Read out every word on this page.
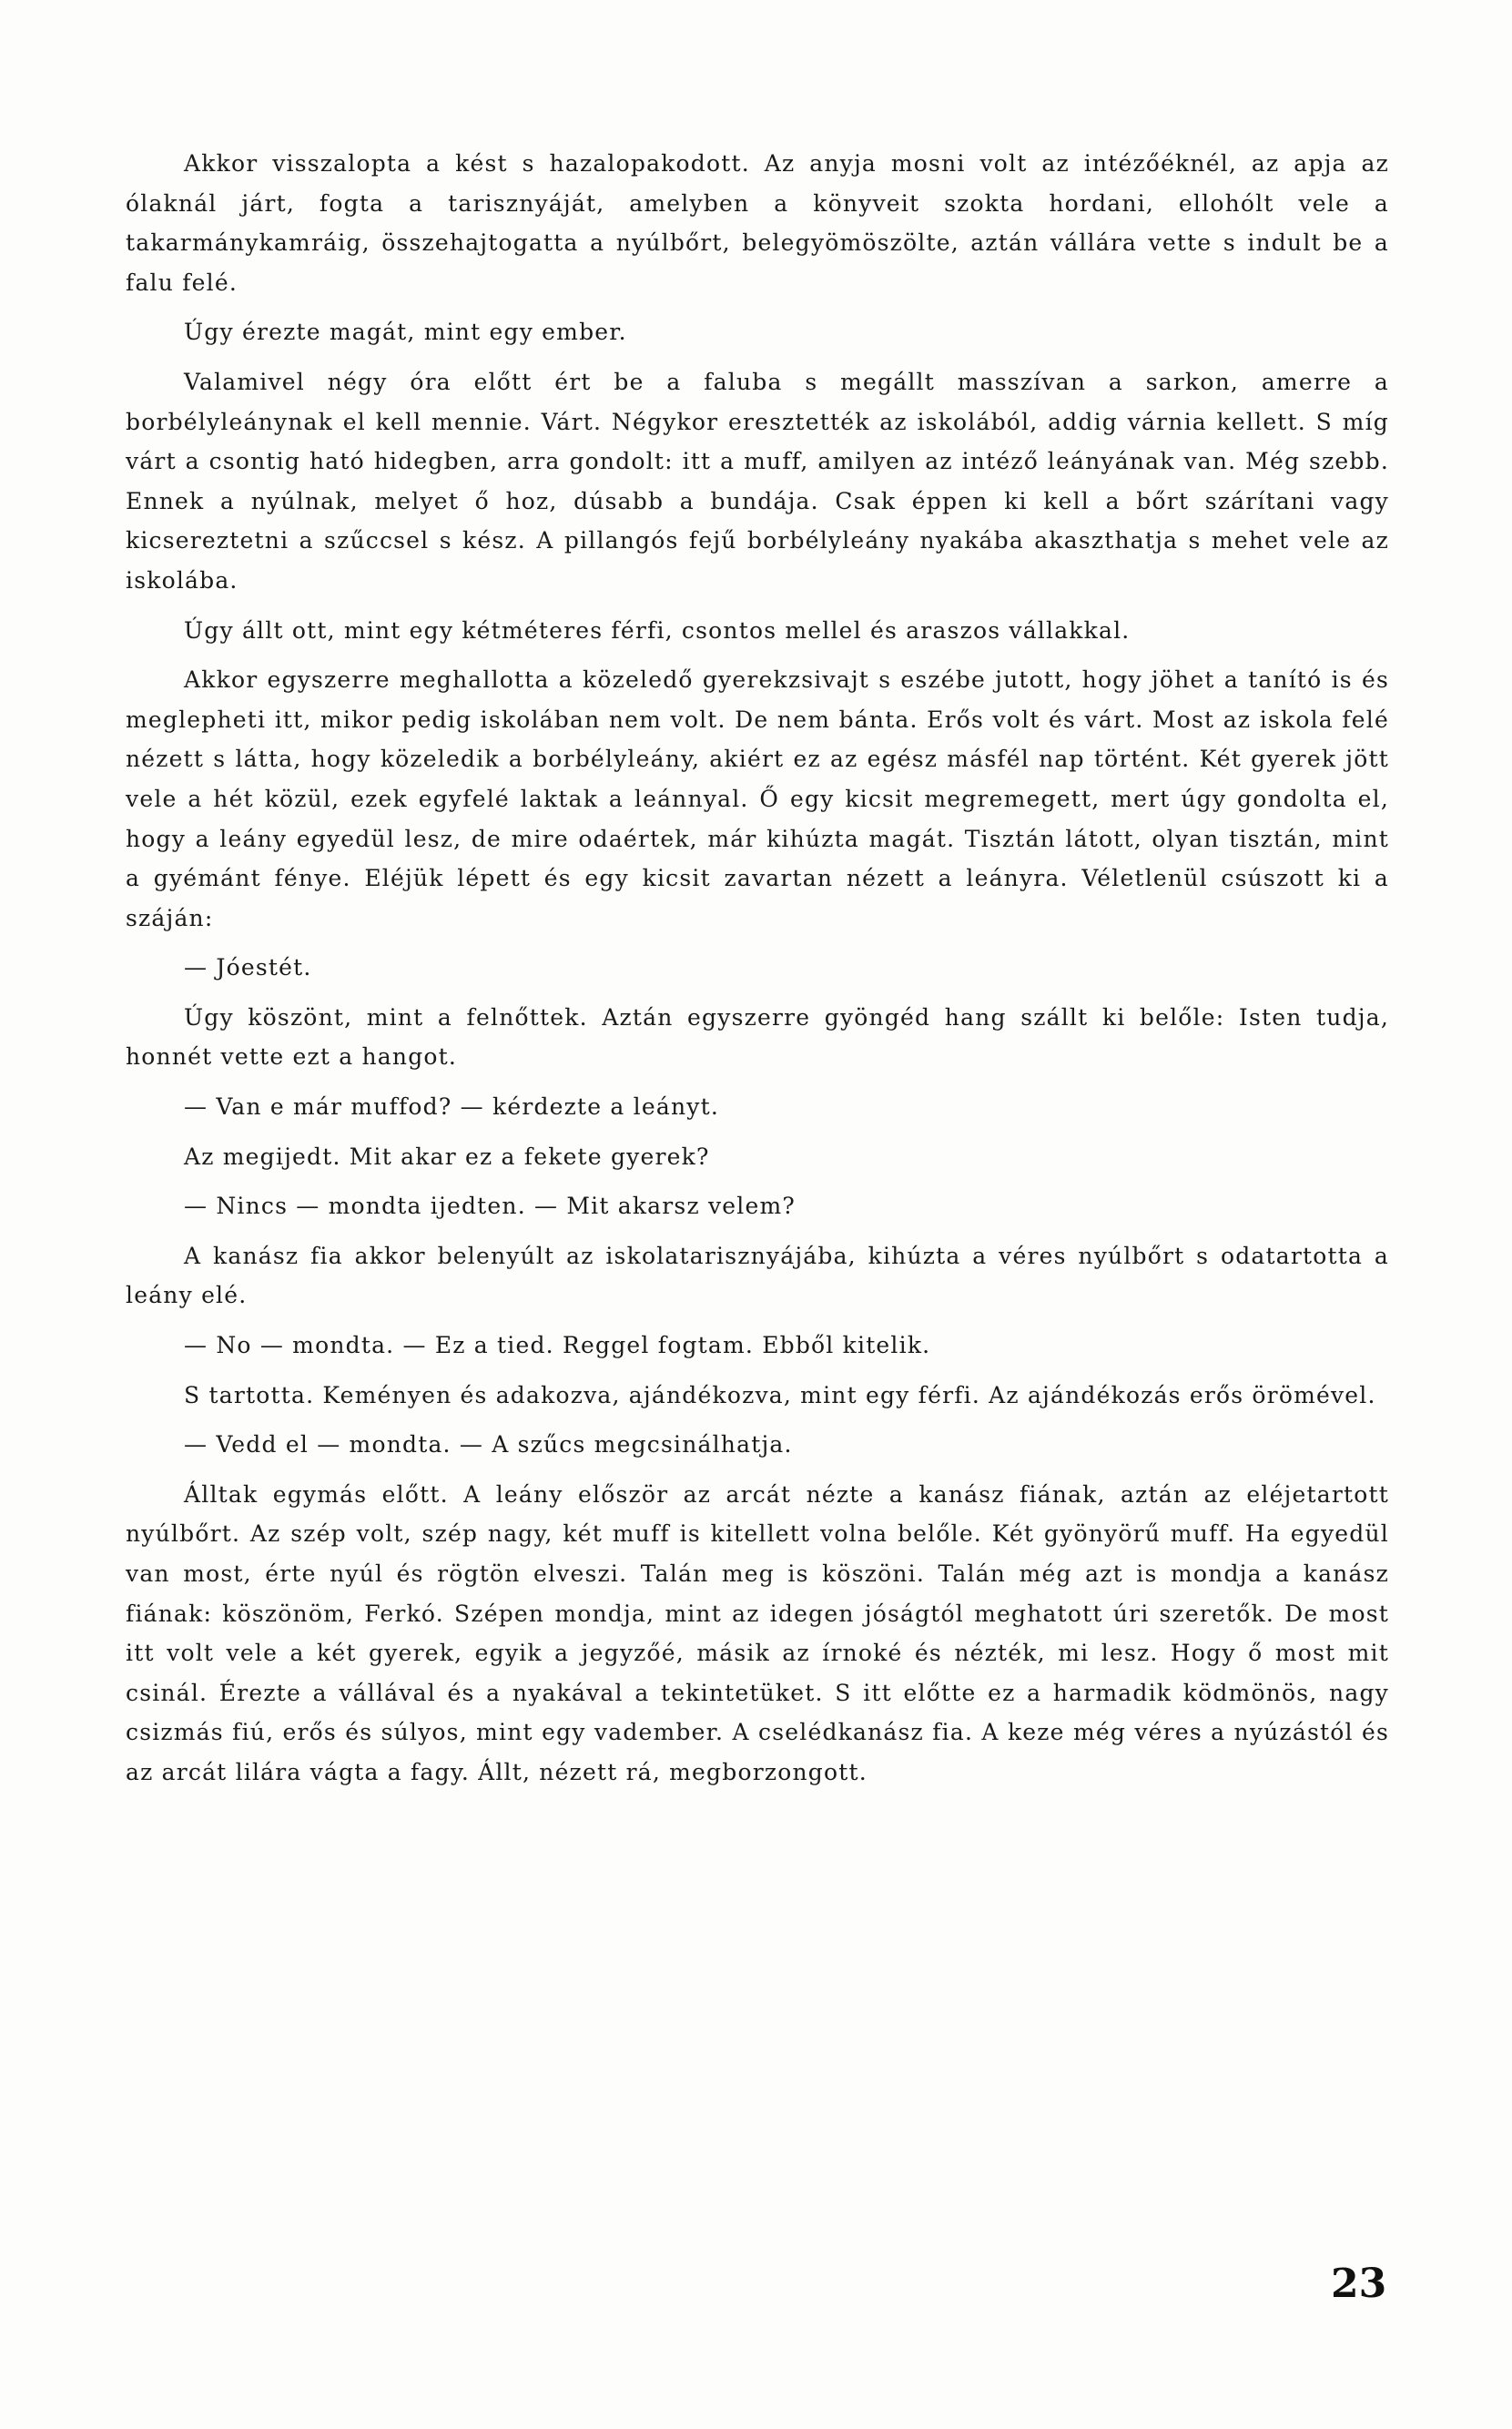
Akkor visszalopta a kést s hazalopakodott. Az anyja mosni volt az intézőéknél, az apja az ólaknál járt, fogta a tarisznyáját, amelyben a könyveit szokta hordani, ellohólt vele a takarmánykamráig, összehajtogatta a nyúlbőrt, belegyömöszölte, aztán vállára vette s indult be a falu felé.

Úgy érezte magát, mint egy ember.

Valamivel négy óra előtt ért be a faluba s megállt masszívan a sarkon, amerre a borbélyleánynak el kell mennie. Várt. Négykor eresztették az iskolából, addig várnia kellett. S míg várt a csontig ható hidegben, arra gondolt: itt a muff, amilyen az intéző leányának van. Még szebb. Ennek a nyúlnak, melyet ő hoz, dúsabb a bundája. Csak éppen ki kell a bőrt szárítani vagy kicsereztetni a szűccsel s kész. A pillangós fejű borbélyleány nyakába akaszthatja s mehet vele az iskolába.

Úgy állt ott, mint egy kétméteres férfi, csontos mellel és araszos vállakkal.

Akkor egyszerre meghallotta a közeledő gyerekzsivajt s eszébe jutott, hogy jöhet a tanító is és meglepheti itt, mikor pedig iskolában nem volt. De nem bánta. Erős volt és várt. Most az iskola felé nézett s látta, hogy közeledik a borbélyleány, akiért ez az egész másfél nap történt. Két gyerek jött vele a hét közül, ezek egyfelé laktak a leánnyal. Ő egy kicsit megremegett, mert úgy gondolta el, hogy a leány egyedül lesz, de mire odaértek, már kihúzta magát. Tisztán látott, olyan tisztán, mint a gyémánt fénye. Eléjük lépett és egy kicsit zavartan nézett a leányra. Véletlenül csúszott ki a száján:

— Jóestét.

Úgy köszönt, mint a felnőttek. Aztán egyszerre gyöngéd hang szállt ki belőle: Isten tudja, honnét vette ezt a hangot.

— Van e már muffod? — kérdezte a leányt.

Az megijedt. Mit akar ez a fekete gyerek?

— Nincs — mondta ijedten. — Mit akarsz velem?

A kanász fia akkor belenyúlt az iskolatarisznyájába, kihúzta a véres nyúlbőrt s odatartotta a leány elé.

— No — mondta. — Ez a tied. Reggel fogtam. Ebből kitelik.

S tartotta. Keményen és adakozva, ajándékozva, mint egy férfi. Az ajándékozás erős örömével.

— Vedd el — mondta. — A szűcs megcsinálhatja.

Álltak egymás előtt. A leány először az arcát nézte a kanász fiának, aztán az eléjetartott nyúlbőrt. Az szép volt, szép nagy, két muff is kitellett volna belőle. Két gyönyörű muff. Ha egyedül van most, érte nyúl és rögtön elveszi. Talán meg is köszöni. Talán még azt is mondja a kanász fiának: köszönöm, Ferkó. Szépen mondja, mint az idegen jóságtól meghatott úri szeretők. De most itt volt vele a két gyerek, egyik a jegyzőé, másik az írnoké és nézték, mi lesz. Hogy ő most mit csinál. Érezte a vállával és a nyakával a tekintetüket. S itt előtte ez a harmadik ködmönös, nagy csizmás fiú, erős és súlyos, mint egy vadember. A cselédkanász fia. A keze még véres a nyúzástól és az arcát lilára vágta a fagy. Állt, nézett rá, megborzongott.

23
